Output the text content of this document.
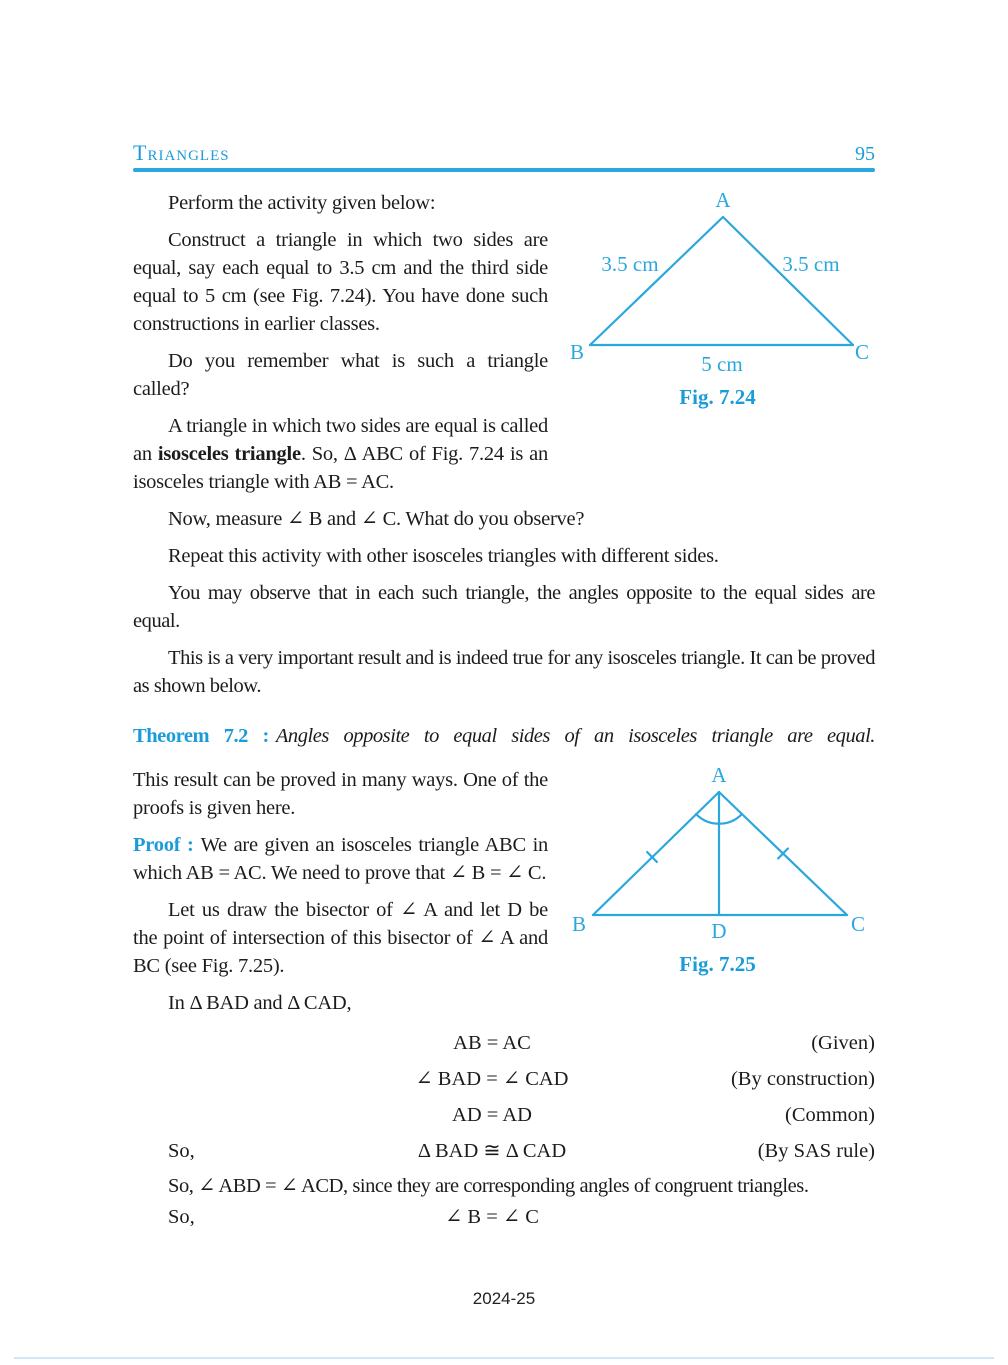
Triangles	95
A
B	C
3.5 cm	3.5 cm
5 cm
Fig. 7.24

Perform the activity given below:

Construct a triangle in which two sides are equal, say each equal to 3.5 cm and the third side equal to 5 cm (see Fig. 7.24). You have done such constructions in earlier classes.

Do you remember what is such a triangle called?

A triangle in which two sides are equal is called an isosceles triangle. So, Δ ABC of Fig. 7.24 is an isosceles triangle with AB = AC.

Now, measure ∠ B and ∠ C. What do you observe?

Repeat this activity with other isosceles triangles with different sides.

You may observe that in each such triangle, the angles opposite to the equal sides are equal.

This is a very important result and is indeed true for any isosceles triangle. It can be proved as shown below.

Theorem 7.2 : Angles opposite to equal sides of an isosceles triangle are equal.

A
B	C
D
Fig. 7.25

This result can be proved in many ways. One of the proofs is given here.

Proof : We are given an isosceles triangle ABC in which AB = AC. We need to prove that ∠ B = ∠ C.

Let us draw the bisector of ∠ A and let D be the point of intersection of this bisector of ∠ A and BC (see Fig. 7.25).

In Δ BAD and Δ CAD,

AB = AC	(Given)
∠ BAD = ∠ CAD	(By construction)
AD = AD	(Common)
So,	Δ BAD ≅ Δ CAD	(By SAS rule)

So, ∠ ABD = ∠ ACD, since they are corresponding angles of congruent triangles.

So,	∠ B = ∠ C
2024-25
